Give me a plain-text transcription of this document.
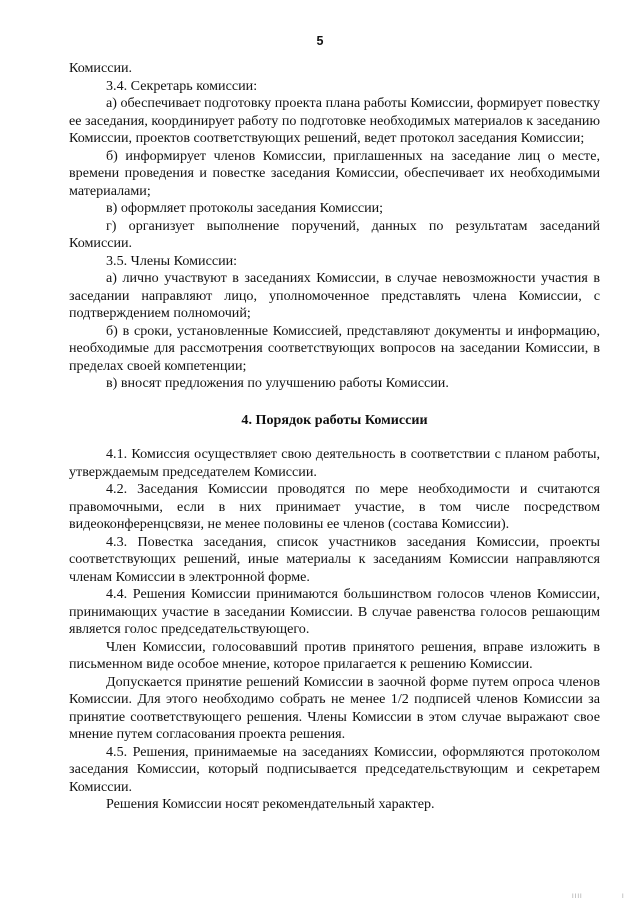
5

Комиссии.

3.4. Секретарь комиссии:

а) обеспечивает подготовку проекта плана работы Комиссии, формирует повестку ее заседания, координирует работу по подготовке необходимых материалов к заседанию Комиссии, проектов соответствующих решений, ведет протокол заседания Комиссии;

б) информирует членов Комиссии, приглашенных на заседание лиц о месте, времени проведения и повестке заседания Комиссии, обеспечивает их необходимыми материалами;

в) оформляет протоколы заседания Комиссии;

г) организует выполнение поручений, данных по результатам заседаний Комиссии.

3.5. Члены Комиссии:

а) лично участвуют в заседаниях Комиссии, в случае невозможности участия в заседании направляют лицо, уполномоченное представлять члена Комиссии, с подтверждением полномочий;

б) в сроки, установленные Комиссией, представляют документы и информацию, необходимые для рассмотрения соответствующих вопросов на заседании Комиссии, в пределах своей компетенции;

в) вносят предложения по улучшению работы Комиссии.

4. Порядок работы Комиссии

4.1. Комиссия осуществляет свою деятельность в соответствии с планом работы, утверждаемым председателем Комиссии.

4.2. Заседания Комиссии проводятся по мере необходимости и считаются правомочными, если в них принимает участие, в том числе посредством видеоконференцсвязи, не менее половины ее членов (состава Комиссии).

4.3. Повестка заседания, список участников заседания Комиссии, проекты соответствующих решений, иные материалы к заседаниям Комиссии направляются членам Комиссии в электронной форме.

4.4. Решения Комиссии принимаются большинством голосов членов Комиссии, принимающих участие в заседании Комиссии. В случае равенства голосов решающим является голос председательствующего.

Член Комиссии, голосовавший против принятого решения, вправе изложить в письменном виде особое мнение, которое прилагается к решению Комиссии.

Допускается принятие решений Комиссии в заочной форме путем опроса членов Комиссии. Для этого необходимо собрать не менее 1/2 подписей членов Комиссии за принятие соответствующего решения. Члены Комиссии в этом случае выражают свое мнение путем согласования проекта решения.

4.5. Решения, принимаемые на заседаниях Комиссии, оформляются протоколом заседания Комиссии, который подписывается председательствующим и секретарем Комиссии.

Решения Комиссии носят рекомендательный характер.

IIII	I
